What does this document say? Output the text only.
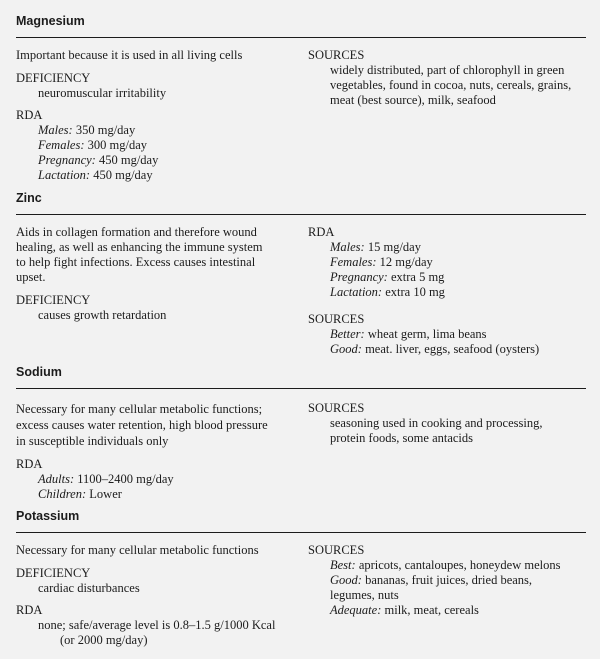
Magnesium

Important because it is used in all living cells

DEFICIENCY

neuromuscular irritability

RDA

Males: 350 mg/day
Females: 300 mg/day
Pregnancy: 450 mg/day
Lactation: 450 mg/day

SOURCES

widely distributed, part of chlorophyll in green
vegetables, found in cocoa, nuts, cereals, grains,
meat (best source), milk, seafood
Zinc
Aids in collagen formation and therefore wound
healing, as well as enhancing the immune system
to help fight infections. Excess causes intestinal
upset.

DEFICIENCY

causes growth retardation

RDA

Males: 15 mg/day
Females: 12 mg/day
Pregnancy: extra 5 mg
Lactation: extra 10 mg

SOURCES

Better: wheat germ, lima beans
Good: meat. liver, eggs, seafood (oysters)
Sodium
Necessary for many cellular metabolic functions;
excess causes water retention, high blood pressure
in susceptible individuals only

RDA

Adults: 1100–2400 mg/day
Children: Lower

SOURCES

seasoning used in cooking and processing,
protein foods, some antacids
Potassium

Necessary for many cellular metabolic functions

DEFICIENCY

cardiac disturbances

RDA

none; safe/average level is 0.8–1.5 g/1000 Kcal
(or 2000 mg/day)

SOURCES

Best: apricots, cantaloupes, honeydew melons
Good: bananas, fruit juices, dried beans,
legumes, nuts
Adequate: milk, meat, cereals
